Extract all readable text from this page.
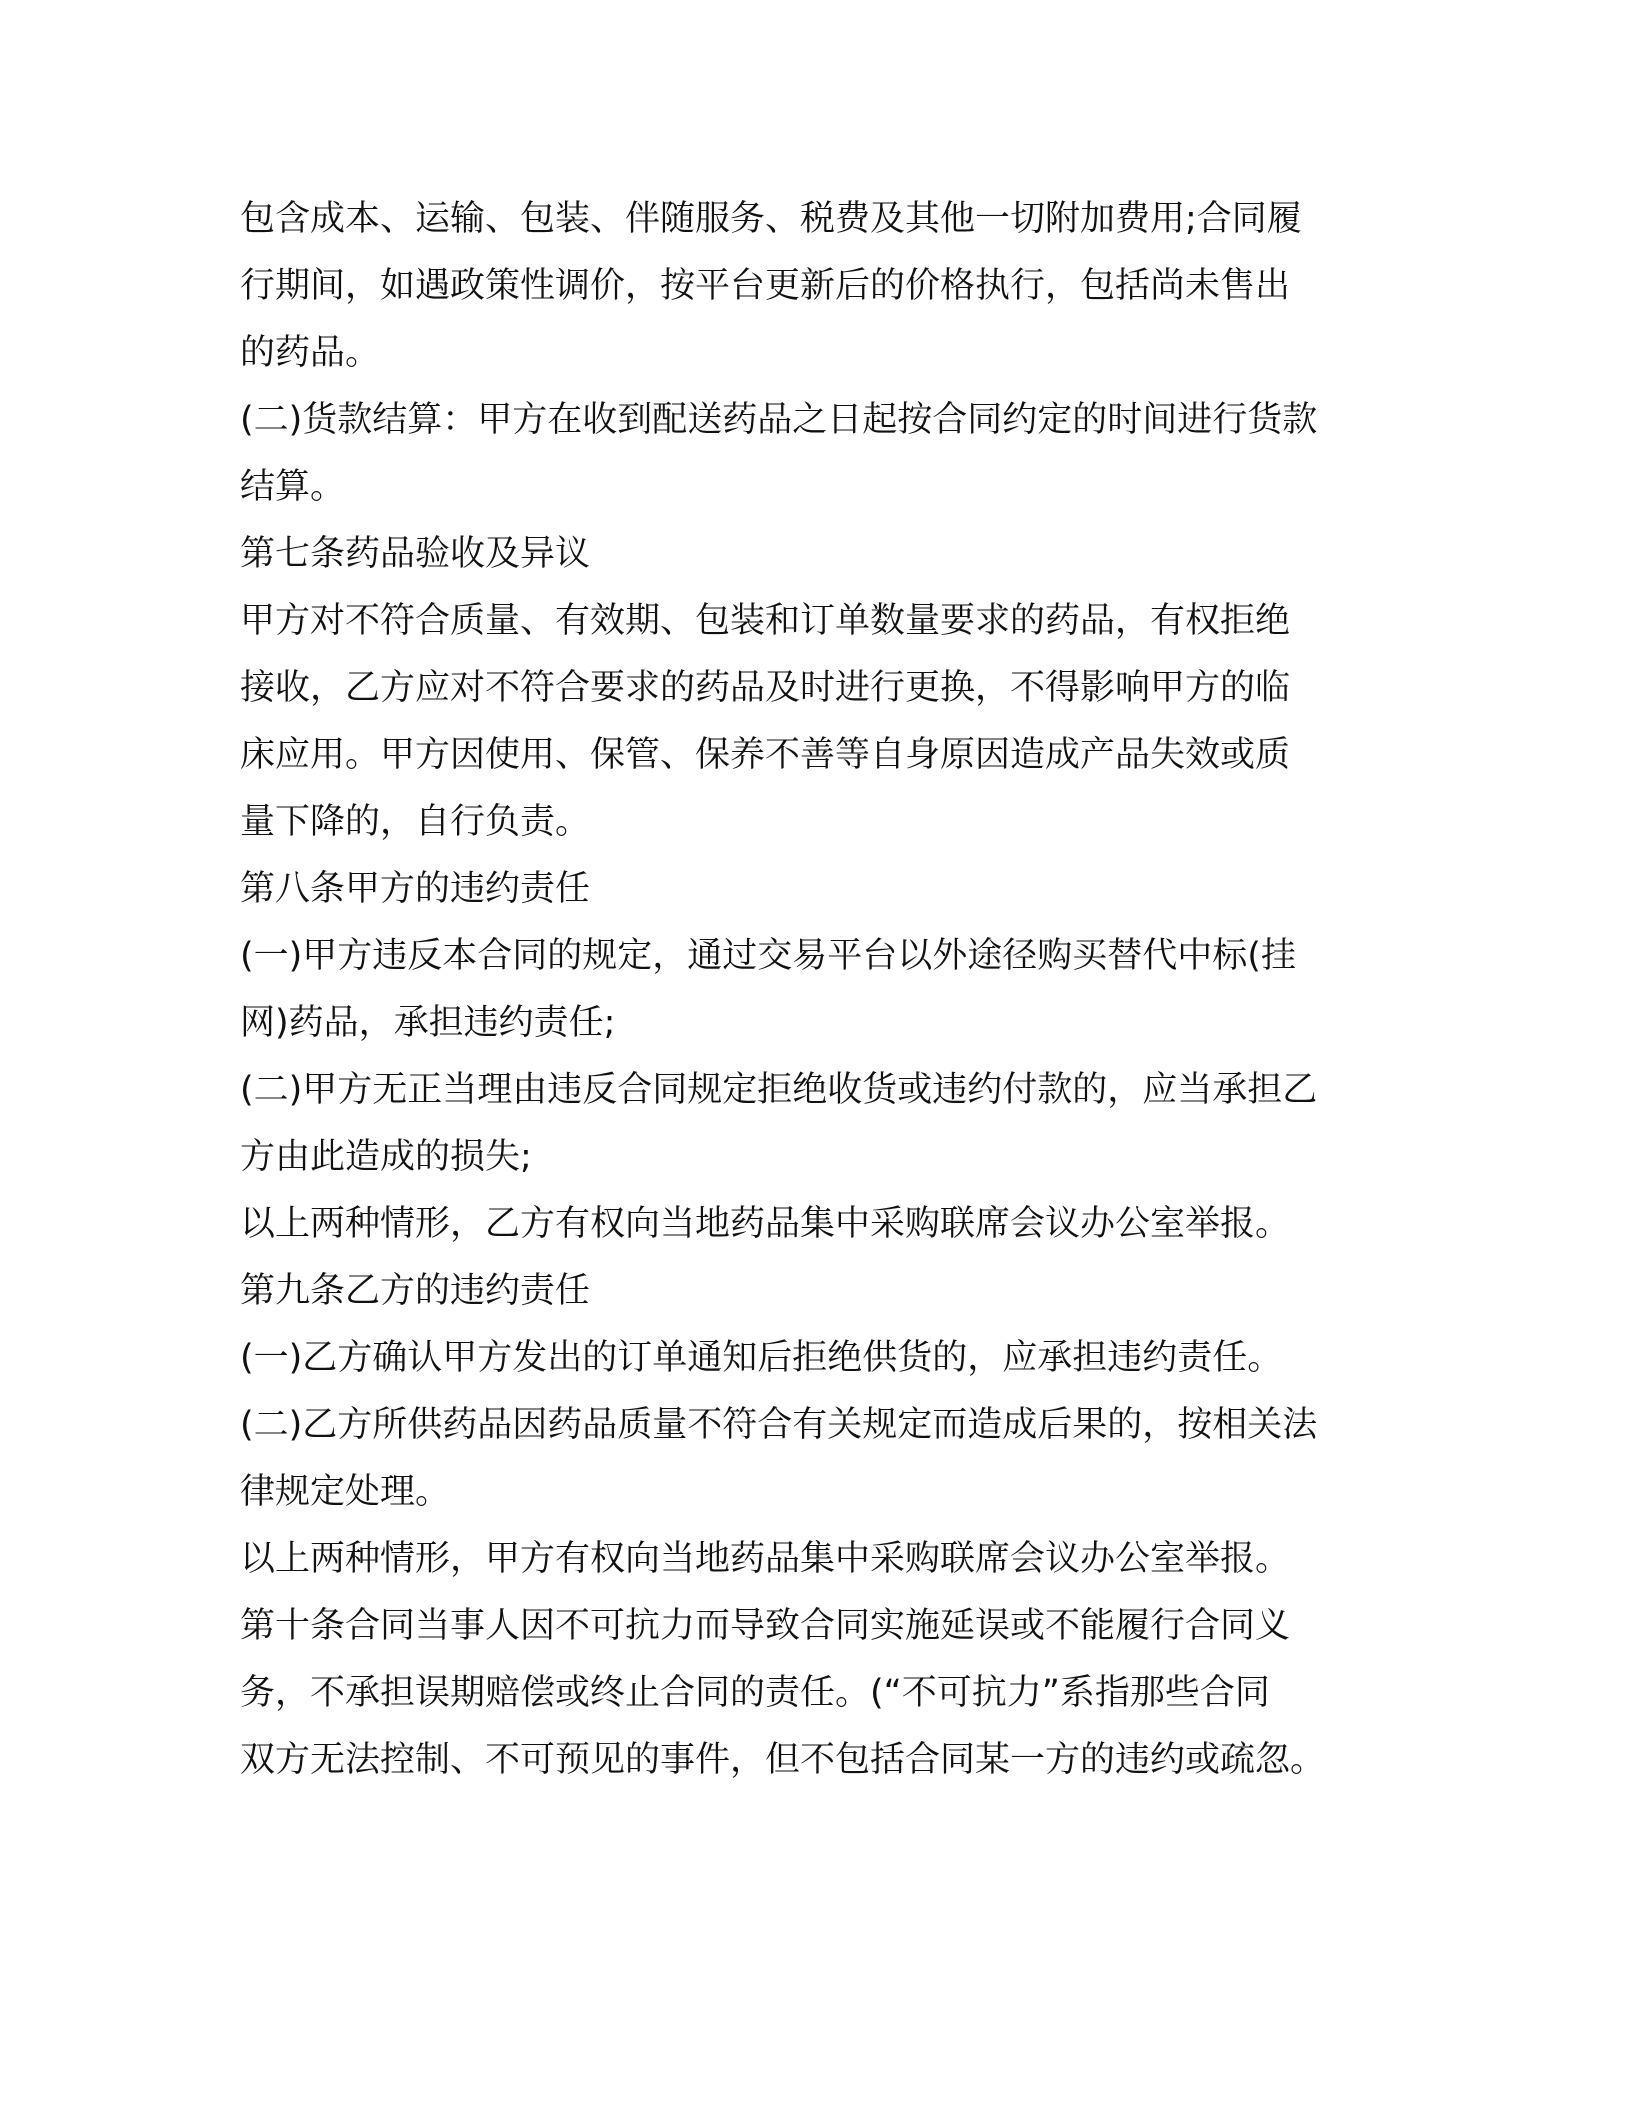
包含成本、运输、包装、伴随服务、税费及其他一切附加费用;合同履
行期间，如遇政策性调价，按平台更新后的价格执行，包括尚未售出
的药品。
(二)货款结算：甲方在收到配送药品之日起按合同约定的时间进行货款
结算。
第七条药品验收及异议
甲方对不符合质量、有效期、包装和订单数量要求的药品，有权拒绝
接收，乙方应对不符合要求的药品及时进行更换，不得影响甲方的临
床应用。甲方因使用、保管、保养不善等自身原因造成产品失效或质
量下降的，自行负责。
第八条甲方的违约责任
(一)甲方违反本合同的规定，通过交易平台以外途径购买替代中标(挂
网)药品，承担违约责任;
(二)甲方无正当理由违反合同规定拒绝收货或违约付款的，应当承担乙
方由此造成的损失;
以上两种情形，乙方有权向当地药品集中采购联席会议办公室举报。
第九条乙方的违约责任
(一)乙方确认甲方发出的订单通知后拒绝供货的，应承担违约责任。
(二)乙方所供药品因药品质量不符合有关规定而造成后果的，按相关法
律规定处理。
以上两种情形，甲方有权向当地药品集中采购联席会议办公室举报。
第十条合同当事人因不可抗力而导致合同实施延误或不能履行合同义
务，不承担误期赔偿或终止合同的责任。(“不可抗力”系指那些合同
双方无法控制、不可预见的事件，但不包括合同某一方的违约或疏忽。
